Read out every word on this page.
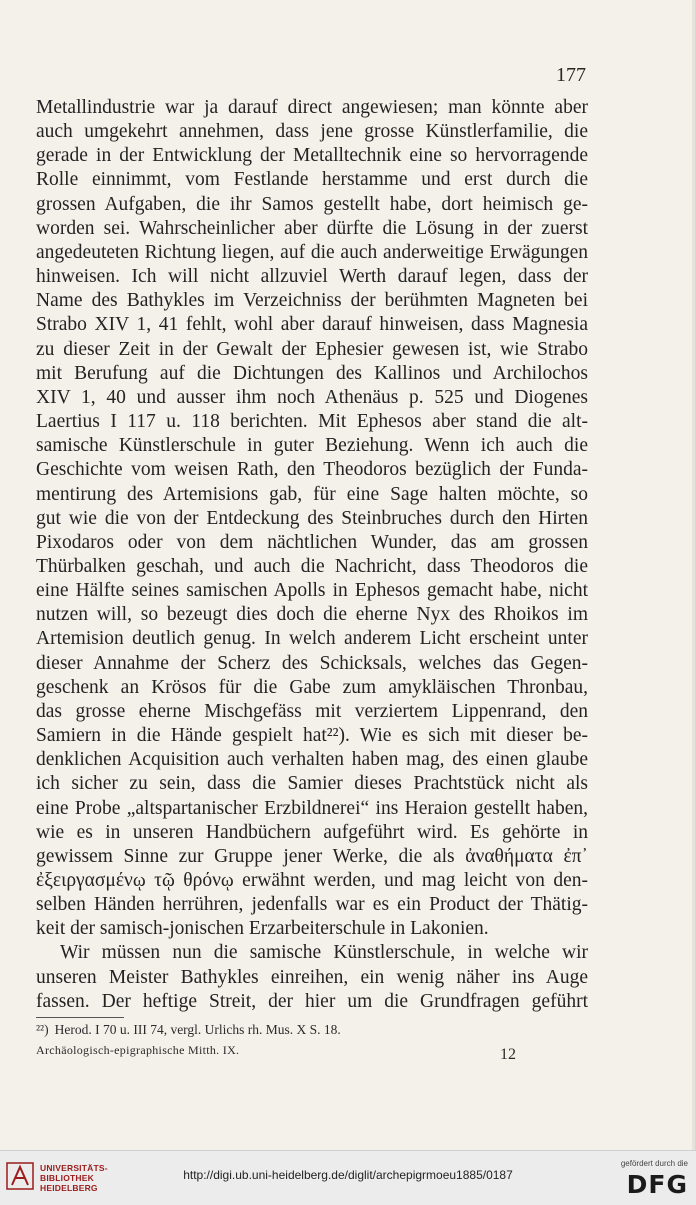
177
Metallindustrie war ja darauf direct angewiesen; man könnte aber
auch umgekehrt annehmen, dass jene grosse Künstlerfamilie, die
gerade in der Entwicklung der Metalltechnik eine so hervorragende
Rolle einnimmt, vom Festlande herstamme und erst durch die
grossen Aufgaben, die ihr Samos gestellt habe, dort heimisch ge-
worden sei. Wahrscheinlicher aber dürfte die Lösung in der zuerst
angedeuteten Richtung liegen, auf die auch anderweitige Erwägungen
hinweisen. Ich will nicht allzuviel Werth darauf legen, dass der
Name des Bathykles im Verzeichniss der berühmten Magneten bei
Strabo XIV 1, 41 fehlt, wohl aber darauf hinweisen, dass Magnesia
zu dieser Zeit in der Gewalt der Ephesier gewesen ist, wie Strabo
mit Berufung auf die Dichtungen des Kallinos und Archilochos
XIV 1, 40 und ausser ihm noch Athenäus p. 525 und Diogenes
Laertius I 117 u. 118 berichten. Mit Ephesos aber stand die alt-
samische Künstlerschule in guter Beziehung. Wenn ich auch die
Geschichte vom weisen Rath, den Theodoros bezüglich der Funda-
mentirung des Artemisions gab, für eine Sage halten möchte, so
gut wie die von der Entdeckung des Steinbruches durch den Hirten
Pixodaros oder von dem nächtlichen Wunder, das am grossen
Thürbalken geschah, und auch die Nachricht, dass Theodoros die
eine Hälfte seines samischen Apolls in Ephesos gemacht habe, nicht
nutzen will, so bezeugt dies doch die eherne Nyx des Rhoikos im
Artemision deutlich genug. In welch anderem Licht erscheint unter
dieser Annahme der Scherz des Schicksals, welches das Gegen-
geschenk an Krösos für die Gabe zum amykläischen Thronbau,
das grosse eherne Mischgefäss mit verziertem Lippenrand, den
Samiern in die Hände gespielt hat²²). Wie es sich mit dieser be-
denklichen Acquisition auch verhalten haben mag, des einen glaube
ich sicher zu sein, dass die Samier dieses Prachtstück nicht als
eine Probe „altspartanischer Erzbildnerei“ ins Heraion gestellt haben,
wie es in unseren Handbüchern aufgeführt wird. Es gehörte in
gewissem Sinne zur Gruppe jener Werke, die als ἀναθήματα ἐπ᾽
ἐξειργασμένῳ τῷ θρόνῳ erwähnt werden, und mag leicht von den-
selben Händen herrühren, jedenfalls war es ein Product der Thätig-
keit der samisch-jonischen Erzarbeiterschule in Lakonien.
Wir müssen nun die samische Künstlerschule, in welche wir
unseren Meister Bathykles einreihen, ein wenig näher ins Auge
fassen. Der heftige Streit, der hier um die Grundfragen geführt
²²) Herod. I 70 u. III 74, vergl. Urlichs rh. Mus. X S. 18.
Archäologisch-epigraphische Mitth. IX.	12
UNIVERSITÄTS-
BIBLIOTHEK
HEIDELBERG
http://digi.ub.uni-heidelberg.de/diglit/archepigrmoeu1885/0187
gefördert durch die
DFG
